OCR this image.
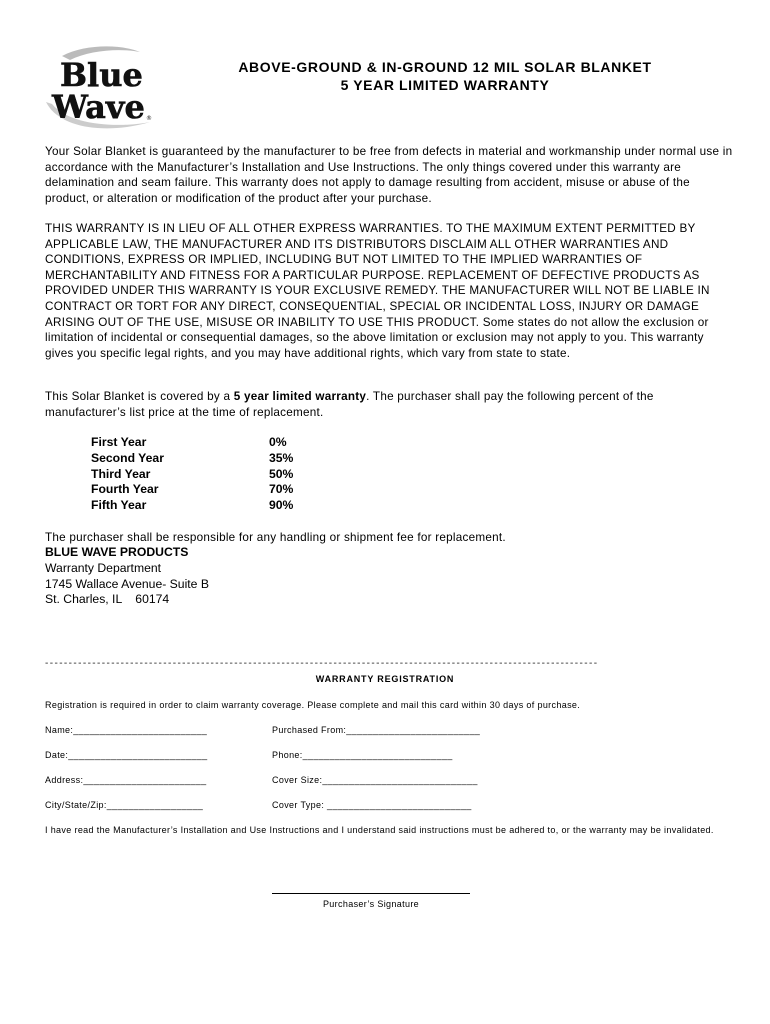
Blue
Wave ®
ABOVE-GROUND & IN-GROUND 12 MIL SOLAR BLANKET
5 YEAR LIMITED WARRANTY
Your Solar Blanket is guaranteed by the manufacturer to be free from defects in material and workmanship under normal use in accordance with the Manufacturer’s Installation and Use Instructions. The only things covered under this warranty are delamination and seam failure. This warranty does not apply to damage resulting from accident, misuse or abuse of the product, or alteration or modification of the product after your purchase.
THIS WARRANTY IS IN LIEU OF ALL OTHER EXPRESS WARRANTIES. TO THE MAXIMUM EXTENT PERMITTED BY APPLICABLE LAW, THE MANUFACTURER AND ITS DISTRIBUTORS DISCLAIM ALL OTHER WARRANTIES AND CONDITIONS, EXPRESS OR IMPLIED, INCLUDING BUT NOT LIMITED TO THE IMPLIED WARRANTIES OF MERCHANTABILITY AND FITNESS FOR A PARTICULAR PURPOSE. REPLACEMENT OF DEFECTIVE PRODUCTS AS PROVIDED UNDER THIS WARRANTY IS YOUR EXCLUSIVE REMEDY. THE MANUFACTURER WILL NOT BE LIABLE IN CONTRACT OR TORT FOR ANY DIRECT, CONSEQUENTIAL, SPECIAL OR INCIDENTAL LOSS, INJURY OR DAMAGE ARISING OUT OF THE USE, MISUSE OR INABILITY TO USE THIS PRODUCT. Some states do not allow the exclusion or limitation of incidental or consequential damages, so the above limitation or exclusion may not apply to you. This warranty gives you specific legal rights, and you may have additional rights, which vary from state to state.
This Solar Blanket is covered by a 5 year limited warranty. The purchaser shall pay the following percent of the manufacturer’s list price at the time of replacement.
First Year	0%
Second Year	35%
Third Year	50%
Fourth Year	70%
Fifth Year	90%
The purchaser shall be responsible for any handling or shipment fee for replacement.
BLUE WAVE PRODUCTS
Warranty Department
1745 Wallace Avenue- Suite B
St. Charles, IL    60174
---------------------------------------------------------------------------------------------------------------------
WARRANTY REGISTRATION
Registration is required in order to claim warranty coverage. Please complete and mail this card within 30 days of purchase.
Name:_________________________	Purchased From:_________________________
Date:__________________________	Phone:____________________________
Address:_______________________	Cover Size:_____________________________
City/State/Zip:__________________	Cover Type: ___________________________
I have read the Manufacturer’s Installation and Use Instructions and I understand said instructions must be adhered to, or the warranty may be invalidated.
Purchaser’s Signature
